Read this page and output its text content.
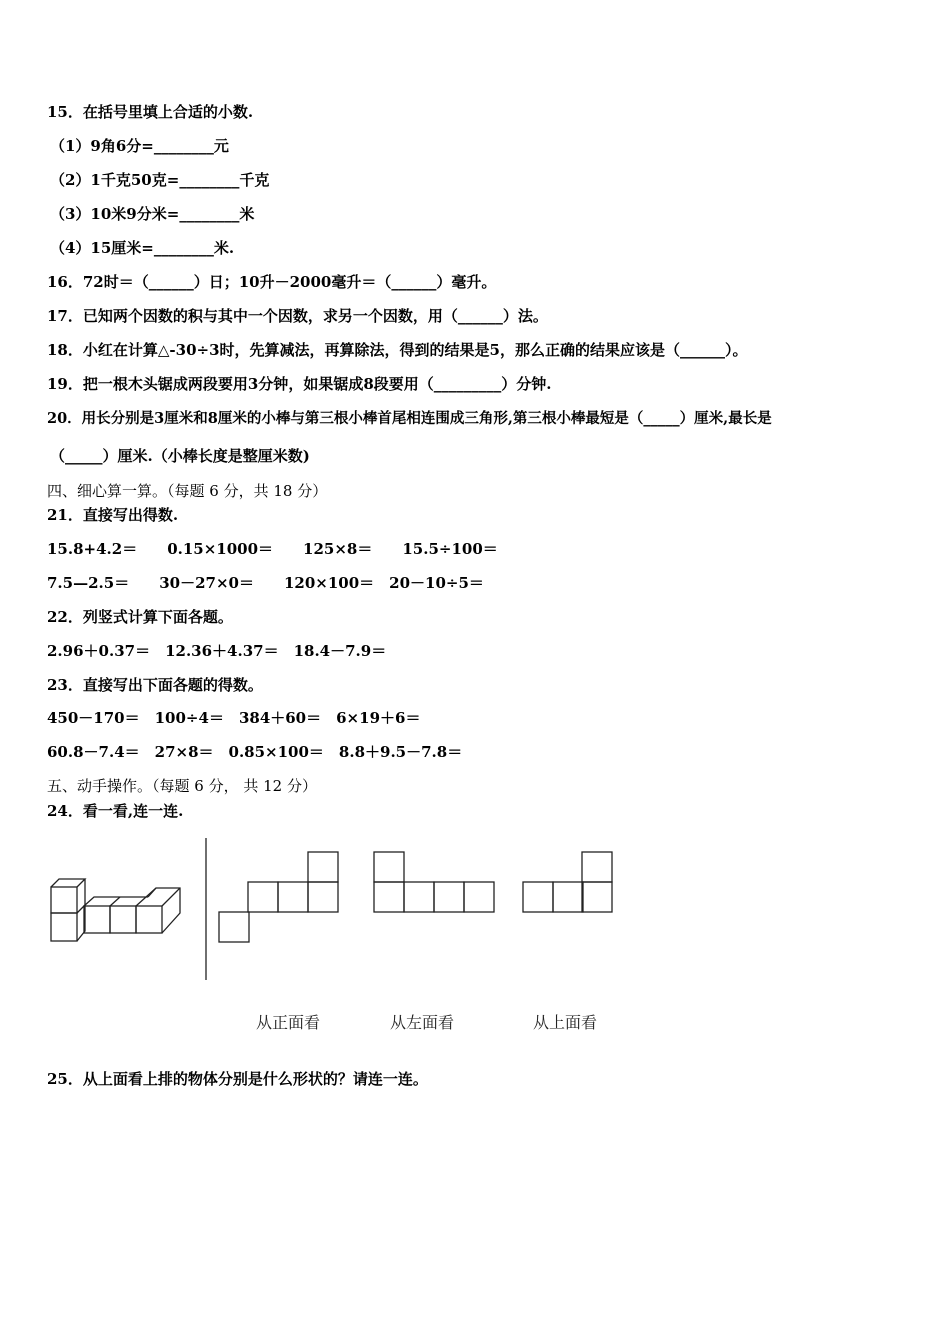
15．在括号里填上合适的小数.
（1）9角6分=________元
（2）1千克50克=________千克
（3）10米9分米=________米
（4）15厘米=________米.
16．72时＝（______）日；10升－2000毫升＝（______）毫升。
17．已知两个因数的积与其中一个因数，求另一个因数，用（______）法。
18．小红在计算△-30÷3时，先算减法，再算除法，得到的结果是5，那么正确的结果应该是（______）。
19．把一根木头锯成两段要用3分钟，如果锯成8段要用（_________）分钟.
20．用长分别是3厘米和8厘米的小棒与第三根小棒首尾相连围成三角形,第三根小棒最短是（_____）厘米,最长是
（_____）厘米.（小棒长度是整厘米数)
四、细心算一算。（每题 6 分，共 18 分）
21．直接写出得数.
15.8+4.2＝　　0.15×1000＝　　125×8＝　　15.5÷100＝
7.5—2.5＝　　30－27×0＝　　120×100＝　20－10÷5＝
22．列竖式计算下面各题。
2.96＋0.37＝　12.36＋4.37＝　18.4－7.9＝
23．直接写出下面各题的得数。
450－170＝　100÷4＝　384＋60＝　6×19＋6＝
60.8－7.4＝　27×8＝　0.85×100＝　8.8＋9.5－7.8＝
五、动手操作。（每题 6 分， 共 12 分）
24．看一看,连一连.
从正面看	从左面看	从上面看
25．从上面看上排的物体分别是什么形状的？请连一连。
